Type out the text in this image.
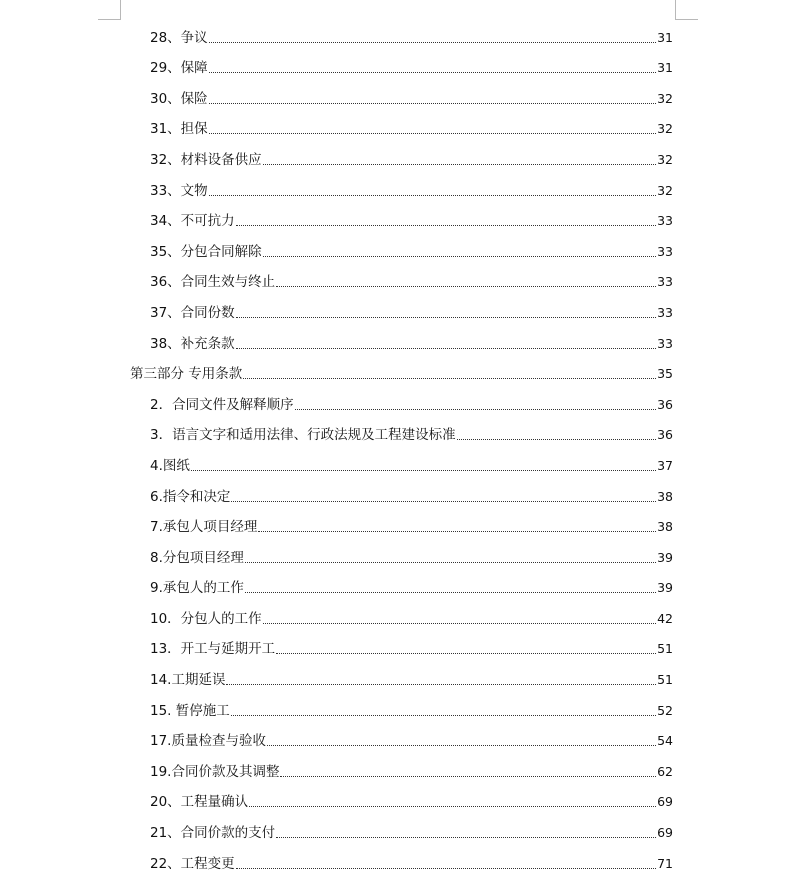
28、争议	31
29、保障	31
30、保险	32
31、担保	32
32、材料设备供应	32
33、文物	32
34、不可抗力	33
35、分包合同解除	33
36、合同生效与终止	33
37、合同份数	33
38、补充条款	33
第三部分 专用条款	35
2．合同文件及解释顺序	36
3．语言文字和适用法律、行政法规及工程建设标准	36
4.图纸	37
6.指令和决定	38
7.承包人项目经理	38
8.分包项目经理	39
9.承包人的工作	39
10．分包人的工作	42
13．开工与延期开工	51
14.工期延误	51
15. 暂停施工	52
17.质量检查与验收	54
19.合同价款及其调整	62
20、工程量确认	69
21、合同价款的支付	69
22、工程变更	71
